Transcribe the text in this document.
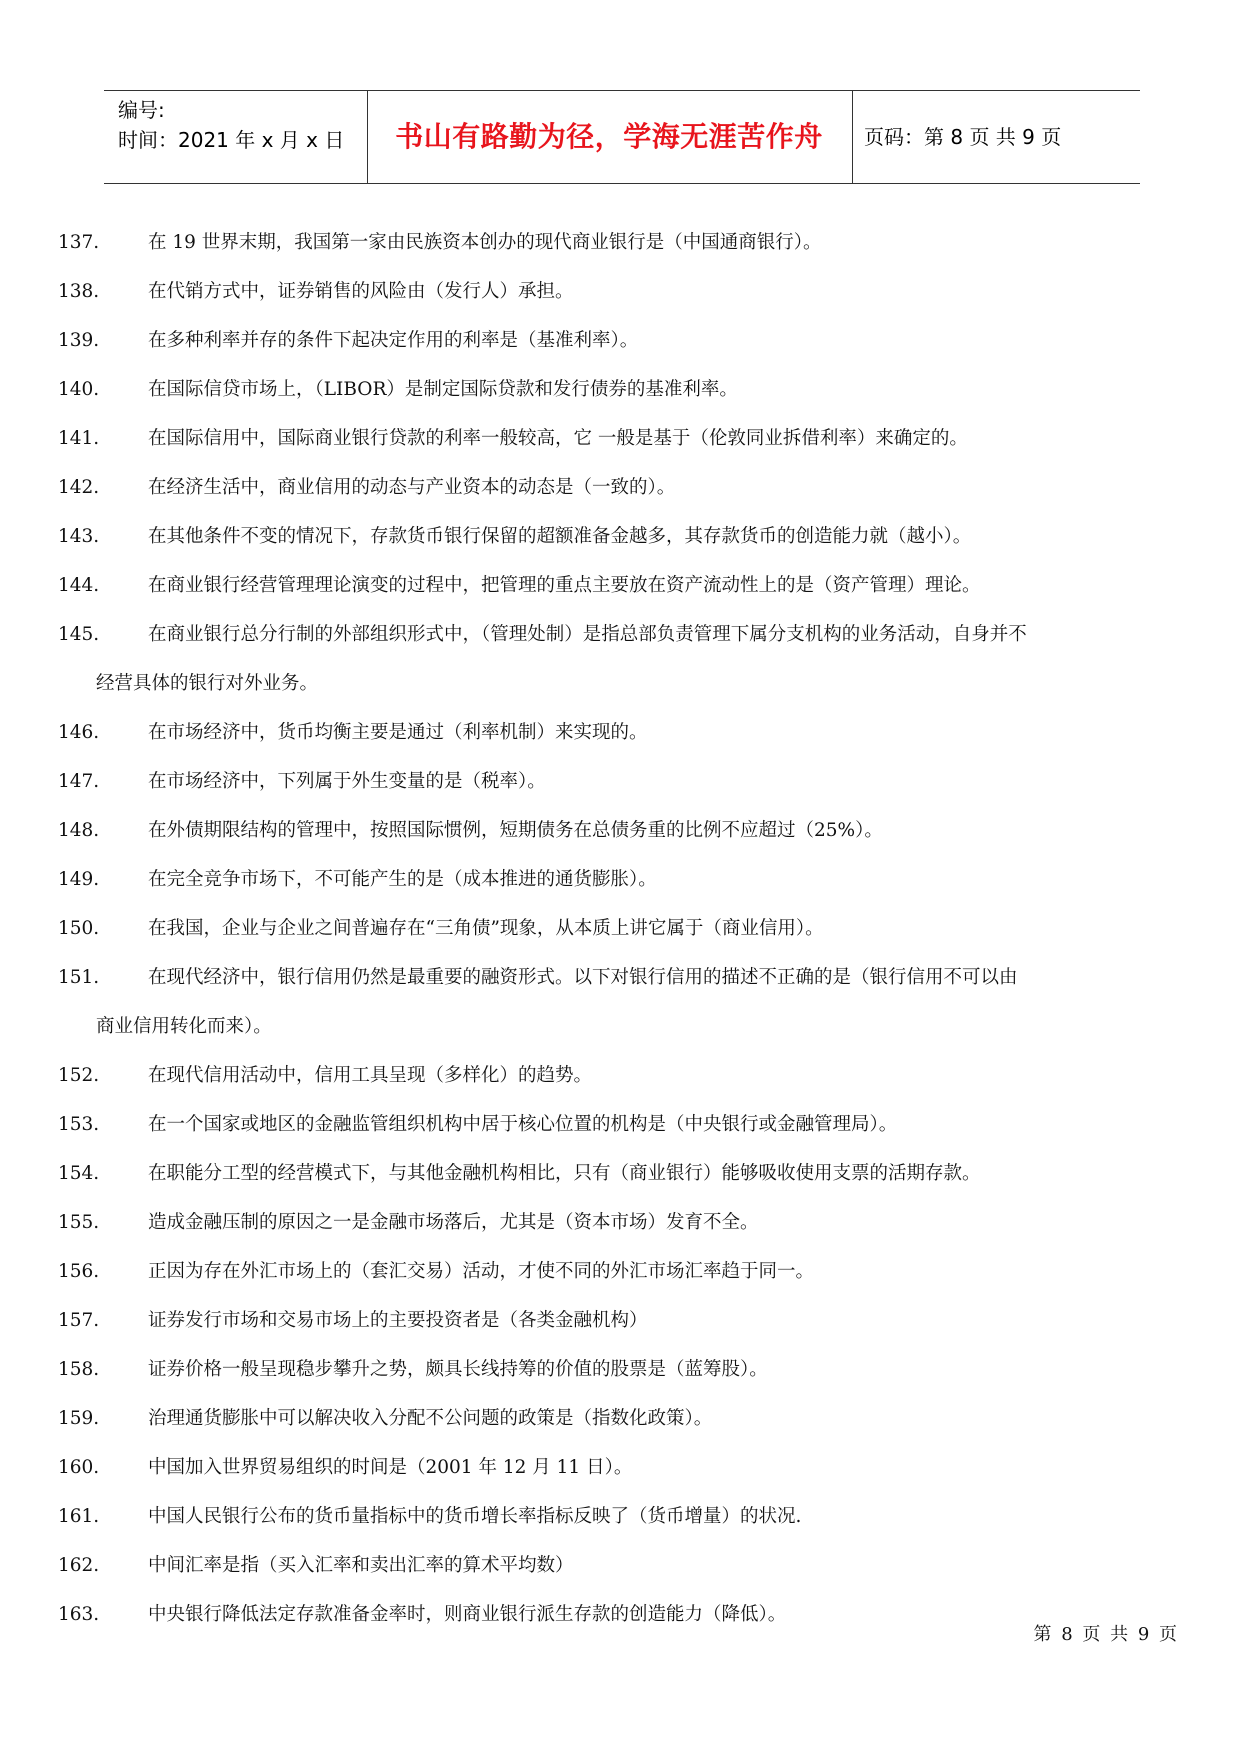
编号:
时间：2021 年 x 月 x 日	书山有路勤为径，学海无涯苦作舟	页码：第 8 页 共 9 页
137.	在 19 世界末期，我国第一家由民族资本创办的现代商业银行是（中国通商银行）。
138.	在代销方式中，证券销售的风险由（发行人）承担。
139.	在多种利率并存的条件下起决定作用的利率是（基准利率）。
140.	在国际信贷市场上，（LIBOR）是制定国际贷款和发行债券的基准利率。
141.	在国际信用中，国际商业银行贷款的利率一般较高，它 一般是基于（伦敦同业拆借利率）来确定的。
142.	在经济生活中，商业信用的动态与产业资本的动态是（一致的）。
143.	在其他条件不变的情况下，存款货币银行保留的超额准备金越多，其存款货币的创造能力就（越小）。
144.	在商业银行经营管理理论演变的过程中，把管理的重点主要放在资产流动性上的是（资产管理）理论。
145.	在商业银行总分行制的外部组织形式中，（管理处制）是指总部负责管理下属分支机构的业务活动，自身并不
经营具体的银行对外业务。
146.	在市场经济中，货币均衡主要是通过（利率机制）来实现的。
147.	在市场经济中，下列属于外生变量的是（税率）。
148.	在外债期限结构的管理中，按照国际惯例，短期债务在总债务重的比例不应超过（25%）。
149.	在完全竞争市场下，不可能产生的是（成本推进的通货膨胀）。
150.	在我国，企业与企业之间普遍存在“三角债”现象，从本质上讲它属于（商业信用）。
151.	在现代经济中，银行信用仍然是最重要的融资形式。以下对银行信用的描述不正确的是（银行信用不可以由
商业信用转化而来）。
152.	在现代信用活动中，信用工具呈现（多样化）的趋势。
153.	在一个国家或地区的金融监管组织机构中居于核心位置的机构是（中央银行或金融管理局）。
154.	在职能分工型的经营模式下，与其他金融机构相比，只有（商业银行）能够吸收使用支票的活期存款。
155.	造成金融压制的原因之一是金融市场落后，尤其是（资本市场）发育不全。
156.	正因为存在外汇市场上的（套汇交易）活动，才使不同的外汇市场汇率趋于同一。
157.	证券发行市场和交易市场上的主要投资者是（各类金融机构）
158.	证券价格一般呈现稳步攀升之势，颇具长线持筹的价值的股票是（蓝筹股）。
159.	治理通货膨胀中可以解决收入分配不公问题的政策是（指数化政策）。
160.	中国加入世界贸易组织的时间是（2001 年 12 月 11 日）。
161.	中国人民银行公布的货币量指标中的货币增长率指标反映了（货币增量）的状况.
162.	中间汇率是指（买入汇率和卖出汇率的算术平均数）
163.	中央银行降低法定存款准备金率时，则商业银行派生存款的创造能力（降低）。
第 8 页 共 9 页
